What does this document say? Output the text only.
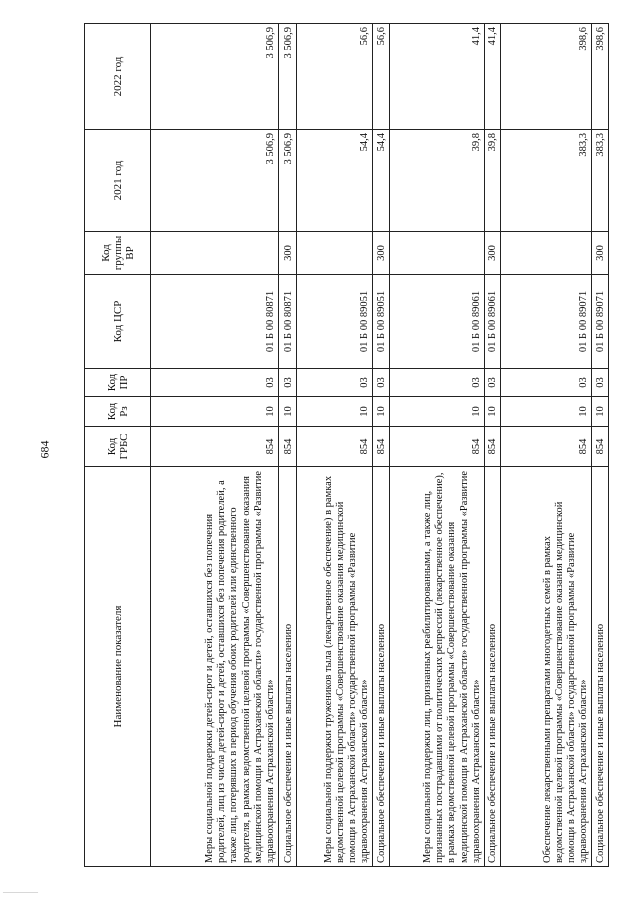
684
Наименование показателя	Код ГРБС	Код Рз	Код ПР	Код ЦСР	Код группы ВР	2021 год	2022 год
Меры социальной поддержки детей-сирот и детей, оставшихся без попечения родителей, лиц из числа детей-сирот и детей, оставшихся без попечения родителей, а также лиц, потерявших в период обучения обоих родителей или единственного родителя, в рамках ведомственной целевой программы «Совершенствование оказания медицинской помощи в Астраханской области» государственной программы «Развитие здравоохранения Астраханской области»	854	10	03	01 Б 00 80871		3 506,9	3 506,9
Социальное обеспечение и иные выплаты населению	854	10	03	01 Б 00 80871	300	3 506,9	3 506,9
Меры социальной поддержки тружеников тыла (лекарственное обеспечение) в рамках ведомственной целевой программы «Совершенствование оказания медицинской помощи в Астраханской области» государственной программы «Развитие здравоохранения Астраханской области»	854	10	03	01 Б 00 89051		54,4	56,6
Социальное обеспечение и иные выплаты населению	854	10	03	01 Б 00 89051	300	54,4	56,6
Меры социальной поддержки лиц, признанных реабилитированными, а также лиц, признанных пострадавшими от политических репрессий (лекарственное обеспечение), в рамках ведомственной целевой программы «Совершенствование оказания медицинской помощи в Астраханской области» государственной программы «Развитие здравоохранения Астраханской области»	854	10	03	01 Б 00 89061		39,8	41,4
Социальное обеспечение и иные выплаты населению	854	10	03	01 Б 00 89061	300	39,8	41,4
Обеспечение лекарственными препаратами многодетных семей в рамках ведомственной целевой программы «Совершенствование оказания медицинской помощи в Астраханской области» государственной программы «Развитие здравоохранения Астраханской области»	854	10	03	01 Б 00 89071		383,3	398,6
Социальное обеспечение и иные выплаты населению	854	10	03	01 Б 00 89071	300	383,3	398,6
—————
